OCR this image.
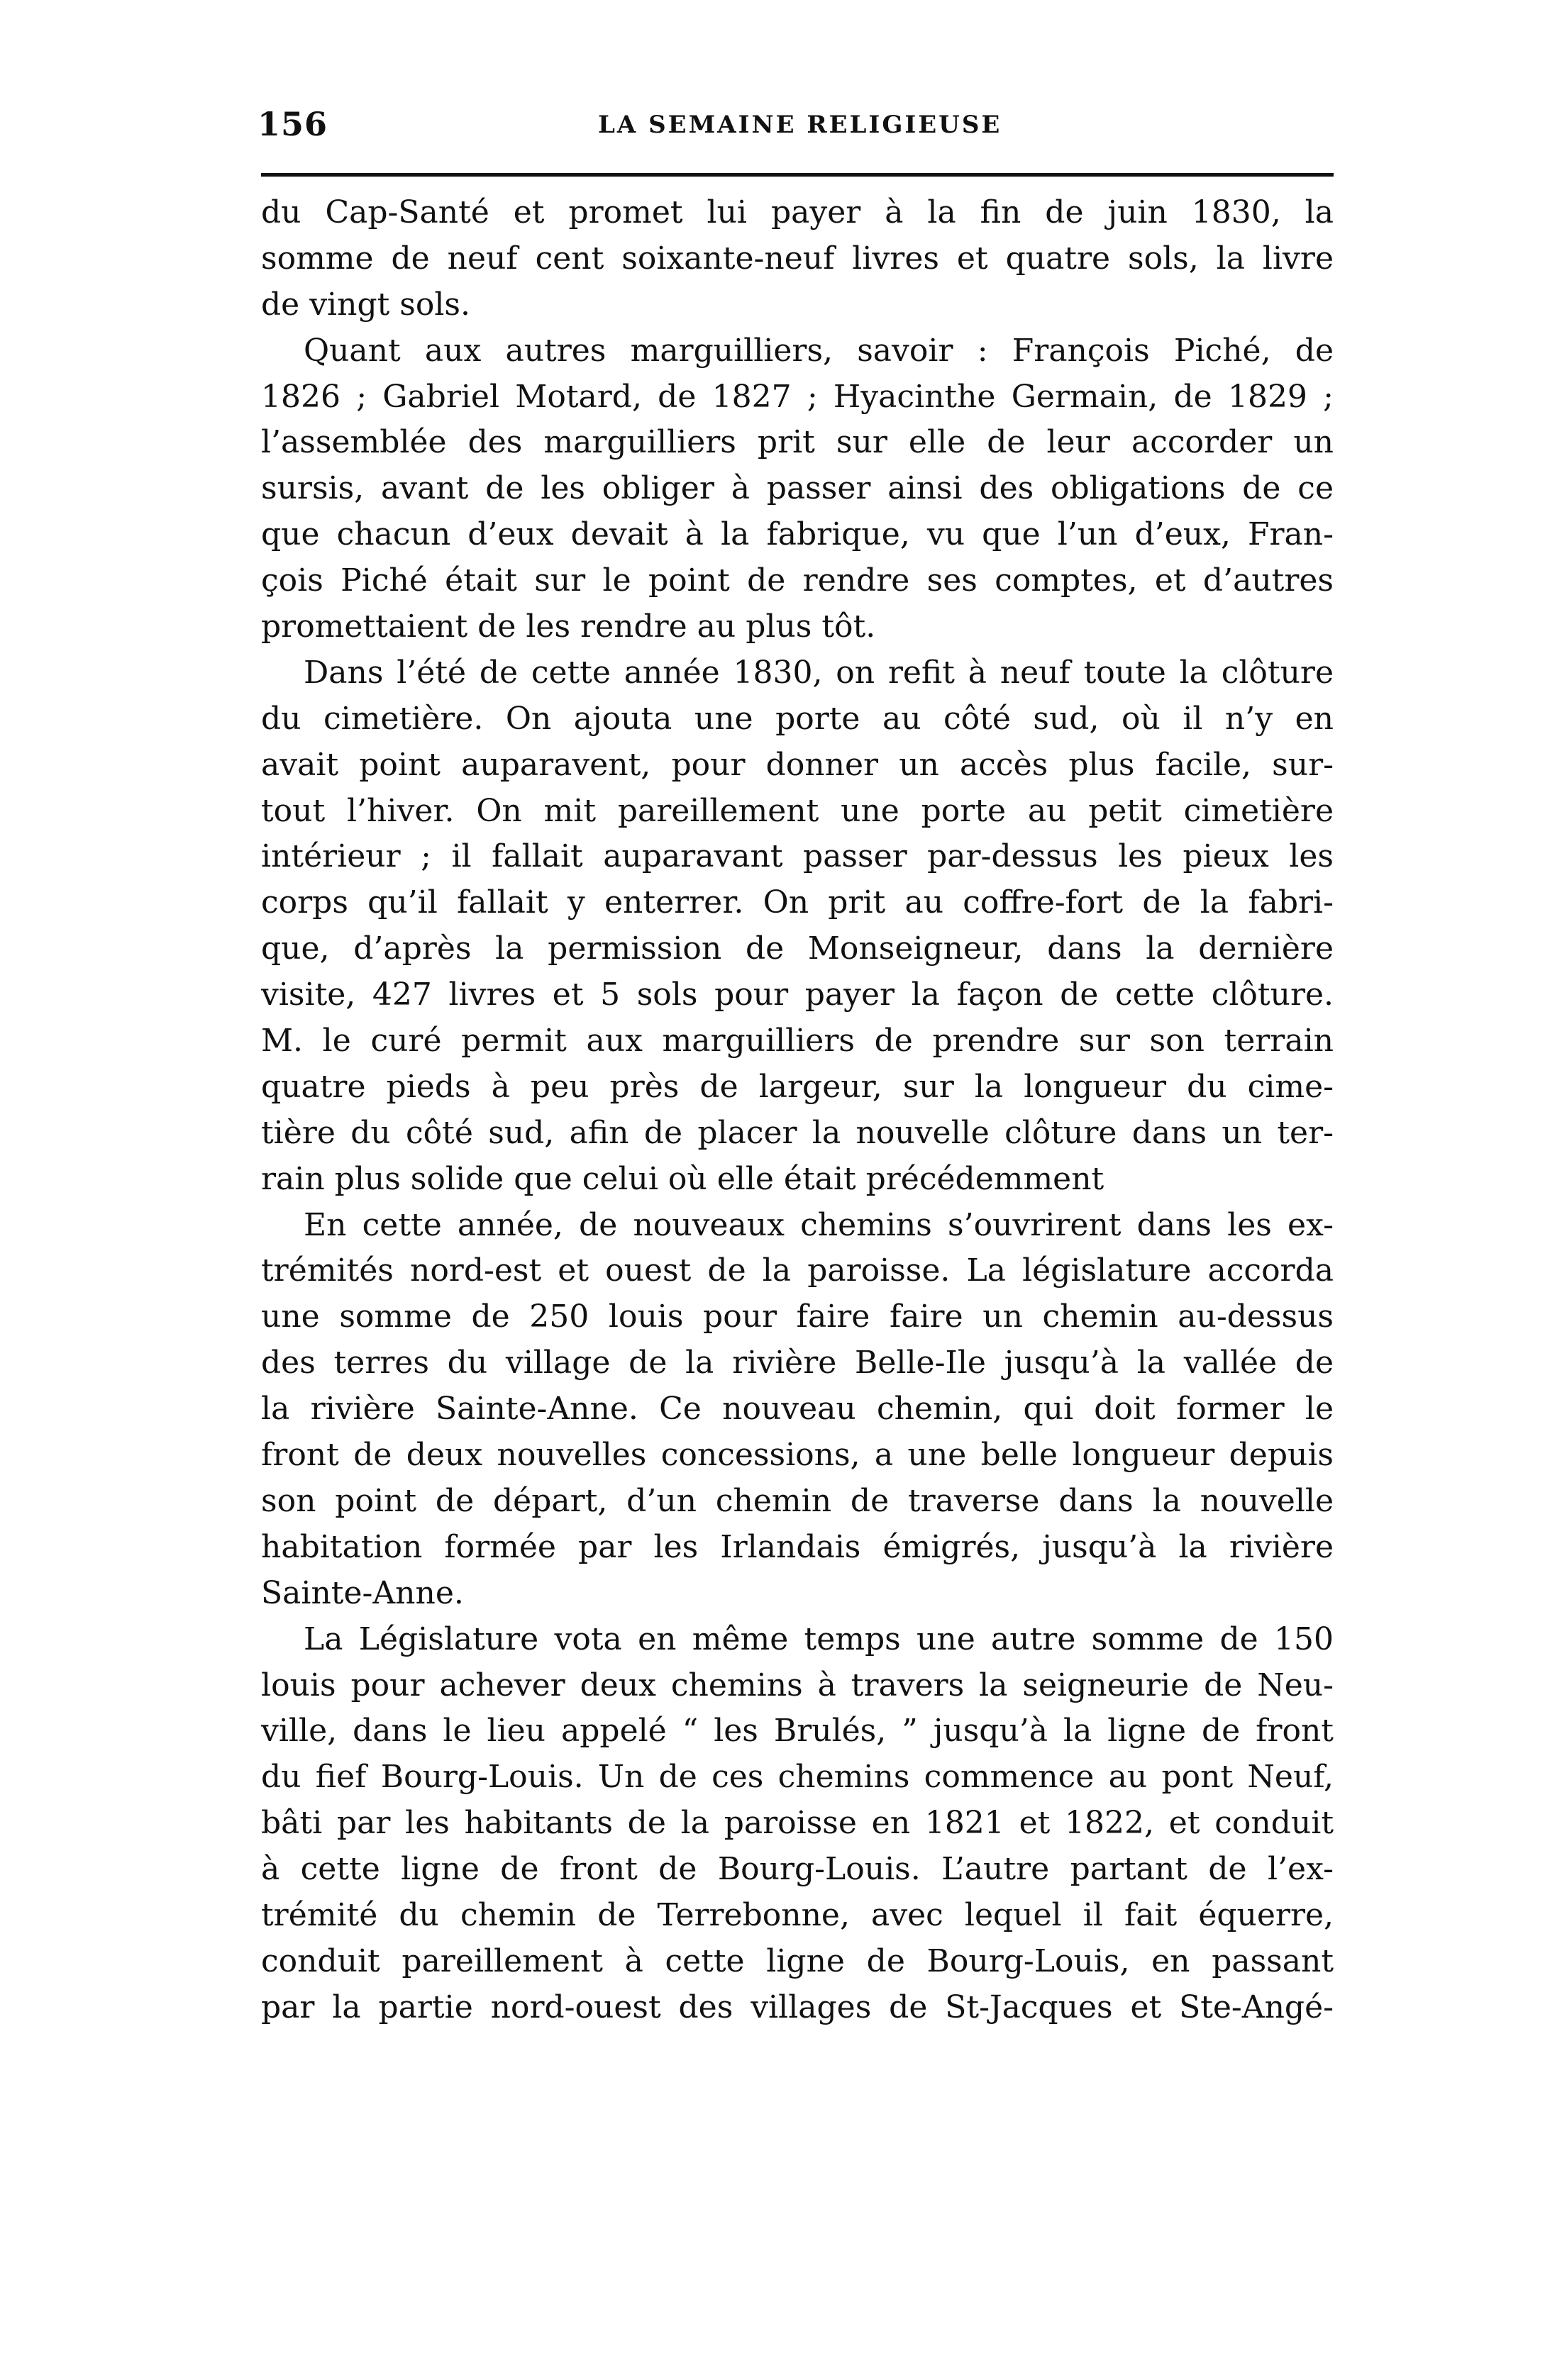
156	LA SEMAINE RELIGIEUSE
du Cap-Santé et promet lui payer à la fin de juin 1830, la
somme de neuf cent soixante-neuf livres et quatre sols, la livre
de vingt sols.
Quant aux autres marguilliers, savoir : François Piché, de
1826 ; Gabriel Motard, de 1827 ; Hyacinthe Germain, de 1829 ;
l’assemblée des marguilliers prit sur elle de leur accorder un
sursis, avant de les obliger à passer ainsi des obligations de ce
que chacun d’eux devait à la fabrique, vu que l’un d’eux, Fran-
çois Piché était sur le point de rendre ses comptes, et d’autres
promettaient de les rendre au plus tôt.
Dans l’été de cette année 1830, on refit à neuf toute la clôture
du cimetière. On ajouta une porte au côté sud, où il n’y en
avait point auparavent, pour donner un accès plus facile, sur-
tout l’hiver. On mit pareillement une porte au petit cimetière
intérieur ; il fallait auparavant passer par-dessus les pieux les
corps qu’il fallait y enterrer. On prit au coffre-fort de la fabri-
que, d’après la permission de Monseigneur, dans la dernière
visite, 427 livres et 5 sols pour payer la façon de cette clôture.
M. le curé permit aux marguilliers de prendre sur son terrain
quatre pieds à peu près de largeur, sur la longueur du cime-
tière du côté sud, afin de placer la nouvelle clôture dans un ter-
rain plus solide que celui où elle était précédemment
En cette année, de nouveaux chemins s’ouvrirent dans les ex-
trémités nord-est et ouest de la paroisse. La législature accorda
une somme de 250 louis pour faire faire un chemin au-dessus
des terres du village de la rivière Belle-Ile jusqu’à la vallée de
la rivière Sainte-Anne. Ce nouveau chemin, qui doit former le
front de deux nouvelles concessions, a une belle longueur depuis
son point de départ, d’un chemin de traverse dans la nouvelle
habitation formée par les Irlandais émigrés, jusqu’à la rivière
Sainte-Anne.
La Législature vota en même temps une autre somme de 150
louis pour achever deux chemins à travers la seigneurie de Neu-
ville, dans le lieu appelé “ les Brulés, ” jusqu’à la ligne de front
du fief Bourg-Louis. Un de ces chemins commence au pont Neuf,
bâti par les habitants de la paroisse en 1821 et 1822, et conduit
à cette ligne de front de Bourg-Louis. L’autre partant de l’ex-
trémité du chemin de Terrebonne, avec lequel il fait équerre,
conduit pareillement à cette ligne de Bourg-Louis, en passant
par la partie nord-ouest des villages de St-Jacques et Ste-Angé-
